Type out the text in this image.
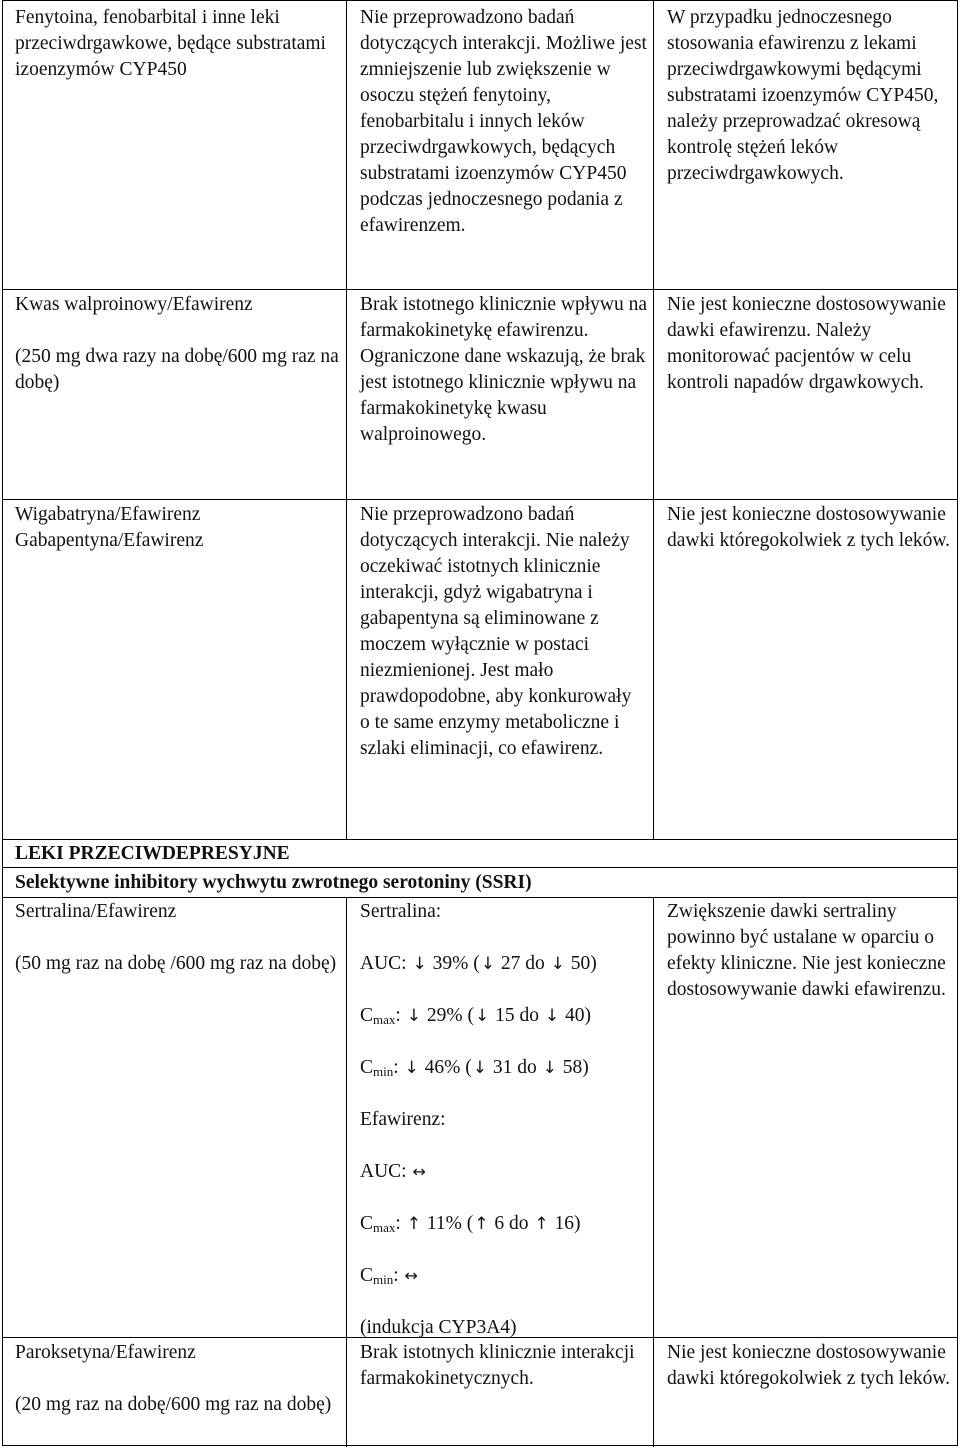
Fenytoina, fenobarbital i inne leki przeciwdrgawkowe, będące substratami izoenzymów CYP450

Nie przeprowadzono badań dotyczących interakcji. Możliwe jest zmniejszenie lub zwiększenie w osoczu stężeń fenytoiny, fenobarbitalu i innych leków przeciwdrgawkowych, będących substratami izoenzymów CYP450 podczas jednoczesnego podania z efawirenzem.

W przypadku jednoczesnego stosowania efawirenzu z lekami przeciwdrgawkowymi będącymi substratami izoenzymów CYP450, należy przeprowadzać okresową kontrolę stężeń leków przeciwdrgawkowych.

Kwas walproinowy/Efawirenz

(250 mg dwa razy na dobę/600 mg raz na dobę)

Brak istotnego klinicznie wpływu na farmakokinetykę efawirenzu.

Ograniczone dane wskazują, że brak jest istotnego klinicznie wpływu na farmakokinetykę kwasu walproinowego.

Nie jest konieczne dostosowywanie dawki efawirenzu. Należy monitorować pacjentów w celu kontroli napadów drgawkowych.

Wigabatryna/Efawirenz

Gabapentyna/Efawirenz

Nie przeprowadzono badań dotyczących interakcji. Nie należy oczekiwać istotnych klinicznie interakcji, gdyż wigabatryna i gabapentyna są eliminowane z moczem wyłącznie w postaci niezmienionej. Jest mało prawdopodobne, aby konkurowały o te same enzymy metaboliczne i szlaki eliminacji, co efawirenz.

Nie jest konieczne dostosowywanie dawki któregokolwiek z tych leków.

LEKI PRZECIWDEPRESYJNE
Selektywne inhibitory wychwytu zwrotnego serotoniny (SSRI)

Sertralina/Efawirenz

(50 mg raz na dobę /600 mg raz na dobę)

Sertralina:

AUC: ↓ 39% (↓ 27 do ↓ 50)

$C_{max}$: ↓ 29% (↓ 15 do ↓ 40)

$C_{min}$: ↓ 46% (↓ 31 do ↓ 58)

Efawirenz:

AUC: ↔

$C_{max}$: ↑ 11% (↑ 6 do ↑ 16)

$C_{min}$: ↔

(indukcja CYP3A4)

Zwiększenie dawki sertraliny powinno być ustalane w oparciu o efekty kliniczne. Nie jest konieczne dostosowywanie dawki efawirenzu.

Paroksetyna/Efawirenz

(20 mg raz na dobę/600 mg raz na dobę)

Brak istotnych klinicznie interakcji farmakokinetycznych.

Nie jest konieczne dostosowywanie dawki któregokolwiek z tych leków.
